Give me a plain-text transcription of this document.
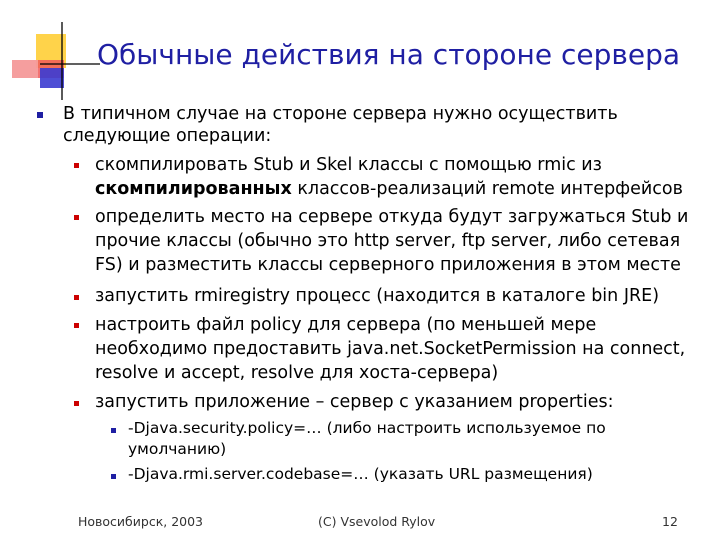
Обычные действия на стороне сервера
В типичном случае на стороне сервера нужно осуществить следующие операции:
скомпилировать Stub и Skel классы с помощью rmic из
скомпилированных классов-реализаций remote интерфейсов
определить место на сервере откуда будут загружаться Stub и прочие классы (обычно это http server, ftp server, либо сетевая FS) и разместить классы серверного приложения в этом месте
запустить rmiregistry процесс (находится в каталоге bin JRE)
настроить файл policy для сервера (по меньшей мере необходимо предоставить java.net.SocketPermission на connect, resolve и accept, resolve для хоста-сервера)
запустить приложение – сервер с указанием properties:
-Djava.security.policy=… (либо настроить используемое по умолчанию)
-Djava.rmi.server.codebase=… (указать URL размещения)
Новосибирск, 2003	(C) Vsevolod Rylov	12
